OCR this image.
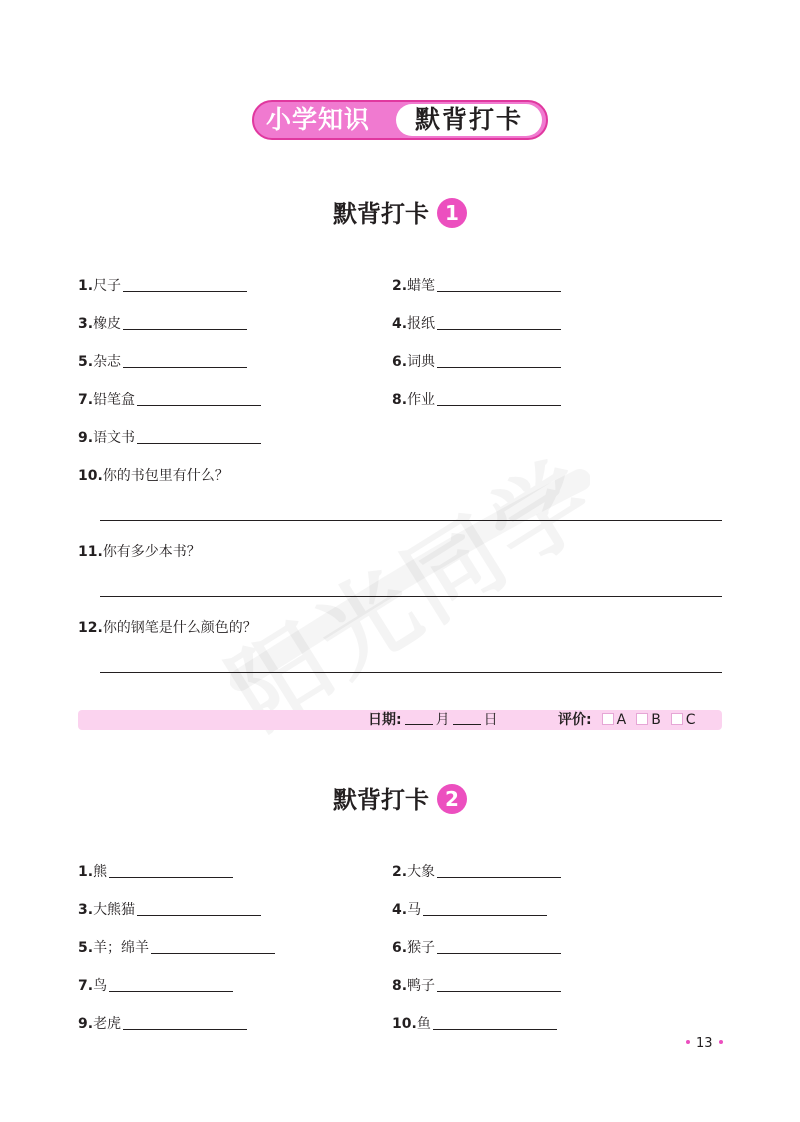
小学知识	默背打卡
默背打卡 1
1.尺子	2.蜡笔
3.橡皮	4.报纸
5.杂志	6.词典
7.铅笔盒	8.作业
9.语文书
10.你的书包里有什么？
11.你有多少本书？
12.你的钢笔是什么颜色的？
日期: 月 日	评价: A B C
默背打卡 2
1.熊	2.大象
3.大熊猫	4.马
5.羊；绵羊	6.猴子
7.鸟	8.鸭子
9.老虎	10.鱼
13
